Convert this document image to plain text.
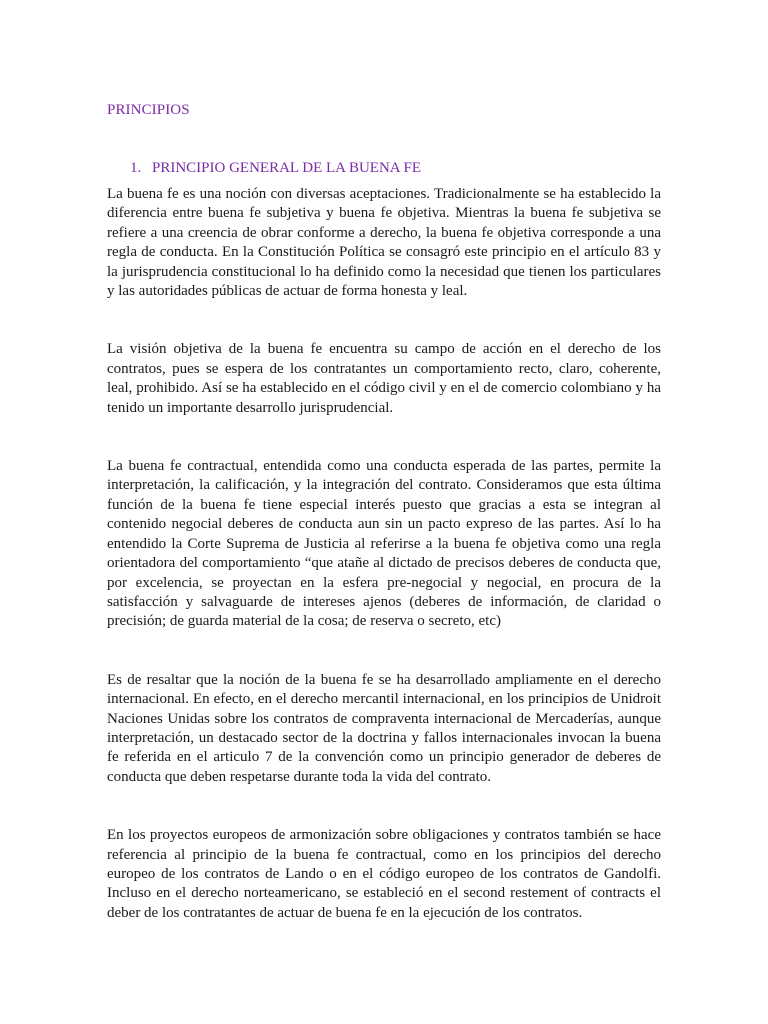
PRINCIPIOS
1. PRINCIPIO GENERAL DE LA BUENA FE

La buena fe es una noción con diversas aceptaciones. Tradicionalmente se ha establecido la diferencia entre buena fe subjetiva y buena fe objetiva. Mientras la buena fe subjetiva se refiere a una creencia de obrar conforme a derecho, la buena fe objetiva corresponde a una regla de conducta. En la Constitución Política se consagró este principio en el artículo 83 y la jurisprudencia constitucional lo ha definido como la necesidad que tienen los particulares y las autoridades públicas de actuar de forma honesta y leal.

La visión objetiva de la buena fe encuentra su campo de acción en el derecho de los contratos, pues se espera de los contratantes un comportamiento recto, claro, coherente, leal, prohibido. Así se ha establecido en el código civil y en el de comercio colombiano y ha tenido un importante desarrollo jurisprudencial.

La buena fe contractual, entendida como una conducta esperada de las partes, permite la interpretación, la calificación, y la integración del contrato. Consideramos que esta última función de la buena fe tiene especial interés puesto que gracias a esta se integran al contenido negocial deberes de conducta aun sin un pacto expreso de las partes. Así lo ha entendido la Corte Suprema de Justicia al referirse a la buena fe objetiva como una regla orientadora del comportamiento “que atañe al dictado de precisos deberes de conducta que, por excelencia, se proyectan en la esfera pre-negocial y negocial, en procura de la satisfacción y salvaguarde de intereses ajenos (deberes de información, de claridad o precisión; de guarda material de la cosa; de reserva o secreto, etc)

Es de resaltar que la noción de la buena fe se ha desarrollado ampliamente en el derecho internacional. En efecto, en el derecho mercantil internacional, en los principios de Unidroit Naciones Unidas sobre los contratos de compraventa internacional de Mercaderías, aunque interpretación, un destacado sector de la doctrina y fallos internacionales invocan la buena fe referida en el articulo 7 de la convención como un principio generador de deberes de conducta que deben respetarse durante toda la vida del contrato.

En los proyectos europeos de armonización sobre obligaciones y contratos también se hace referencia al principio de la buena fe contractual, como en los principios del derecho europeo de los contratos de Lando o en el código europeo de los contratos de Gandolfi. Incluso en el derecho norteamericano, se estableció en el second restement of contracts el deber de los contratantes de actuar de buena fe en la ejecución de los contratos.
